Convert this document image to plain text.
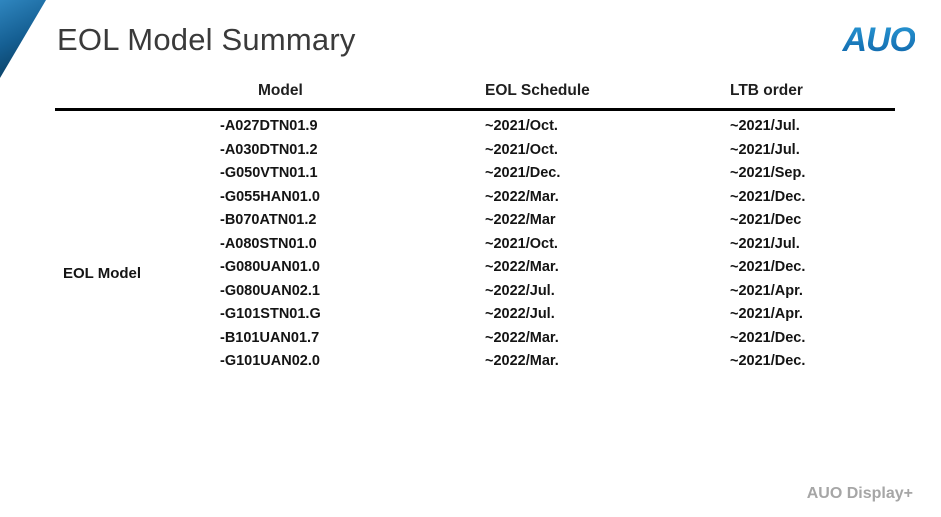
EOL Model Summary	AUO
Model	EOL Schedule	LTB order
EOL Model
-A027DTN01.9	~2021/Oct.	~2021/Jul.
-A030DTN01.2	~2021/Oct.	~2021/Jul.
-G050VTN01.1	~2021/Dec.	~2021/Sep.
-G055HAN01.0	~2022/Mar.	~2021/Dec.
-B070ATN01.2	~2022/Mar	~2021/Dec
-A080STN01.0	~2021/Oct.	~2021/Jul.
-G080UAN01.0	~2022/Mar.	~2021/Dec.
-G080UAN02.1	~2022/Jul.	~2021/Apr.
-G101STN01.G	~2022/Jul.	~2021/Apr.
-B101UAN01.7	~2022/Mar.	~2021/Dec.
-G101UAN02.0	~2022/Mar.	~2021/Dec.
AUO Display+
